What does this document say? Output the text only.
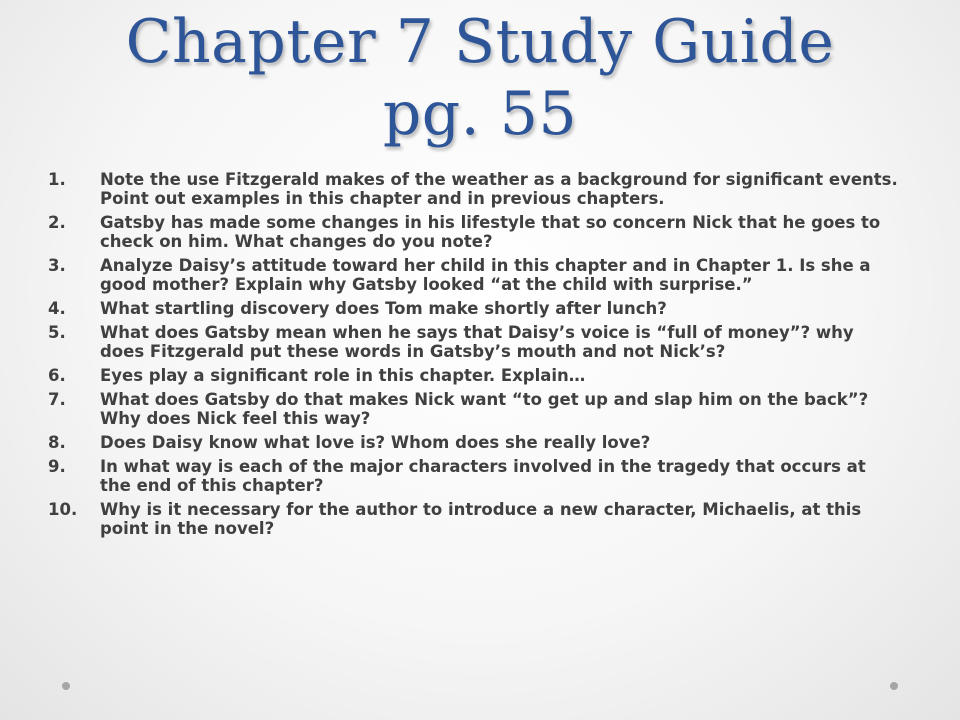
Chapter 7 Study Guide
pg. 55
1. Note the use Fitzgerald makes of the weather as a background for significant events. Point out examples in this chapter and in previous chapters.
2. Gatsby has made some changes in his lifestyle that so concern Nick that he goes to check on him. What changes do you note?
3. Analyze Daisy’s attitude toward her child in this chapter and in Chapter 1. Is she a good mother? Explain why Gatsby looked “at the child with surprise.”
4. What startling discovery does Tom make shortly after lunch?
5. What does Gatsby mean when he says that Daisy’s voice is “full of money”? why does Fitzgerald put these words in Gatsby’s mouth and not Nick’s?
6. Eyes play a significant role in this chapter. Explain…
7. What does Gatsby do that makes Nick want “to get up and slap him on the back”? Why does Nick feel this way?
8. Does Daisy know what love is? Whom does she really love?
9. In what way is each of the major characters involved in the tragedy that occurs at the end of this chapter?
10. Why is it necessary for the author to introduce a new character, Michaelis, at this point in the novel?
